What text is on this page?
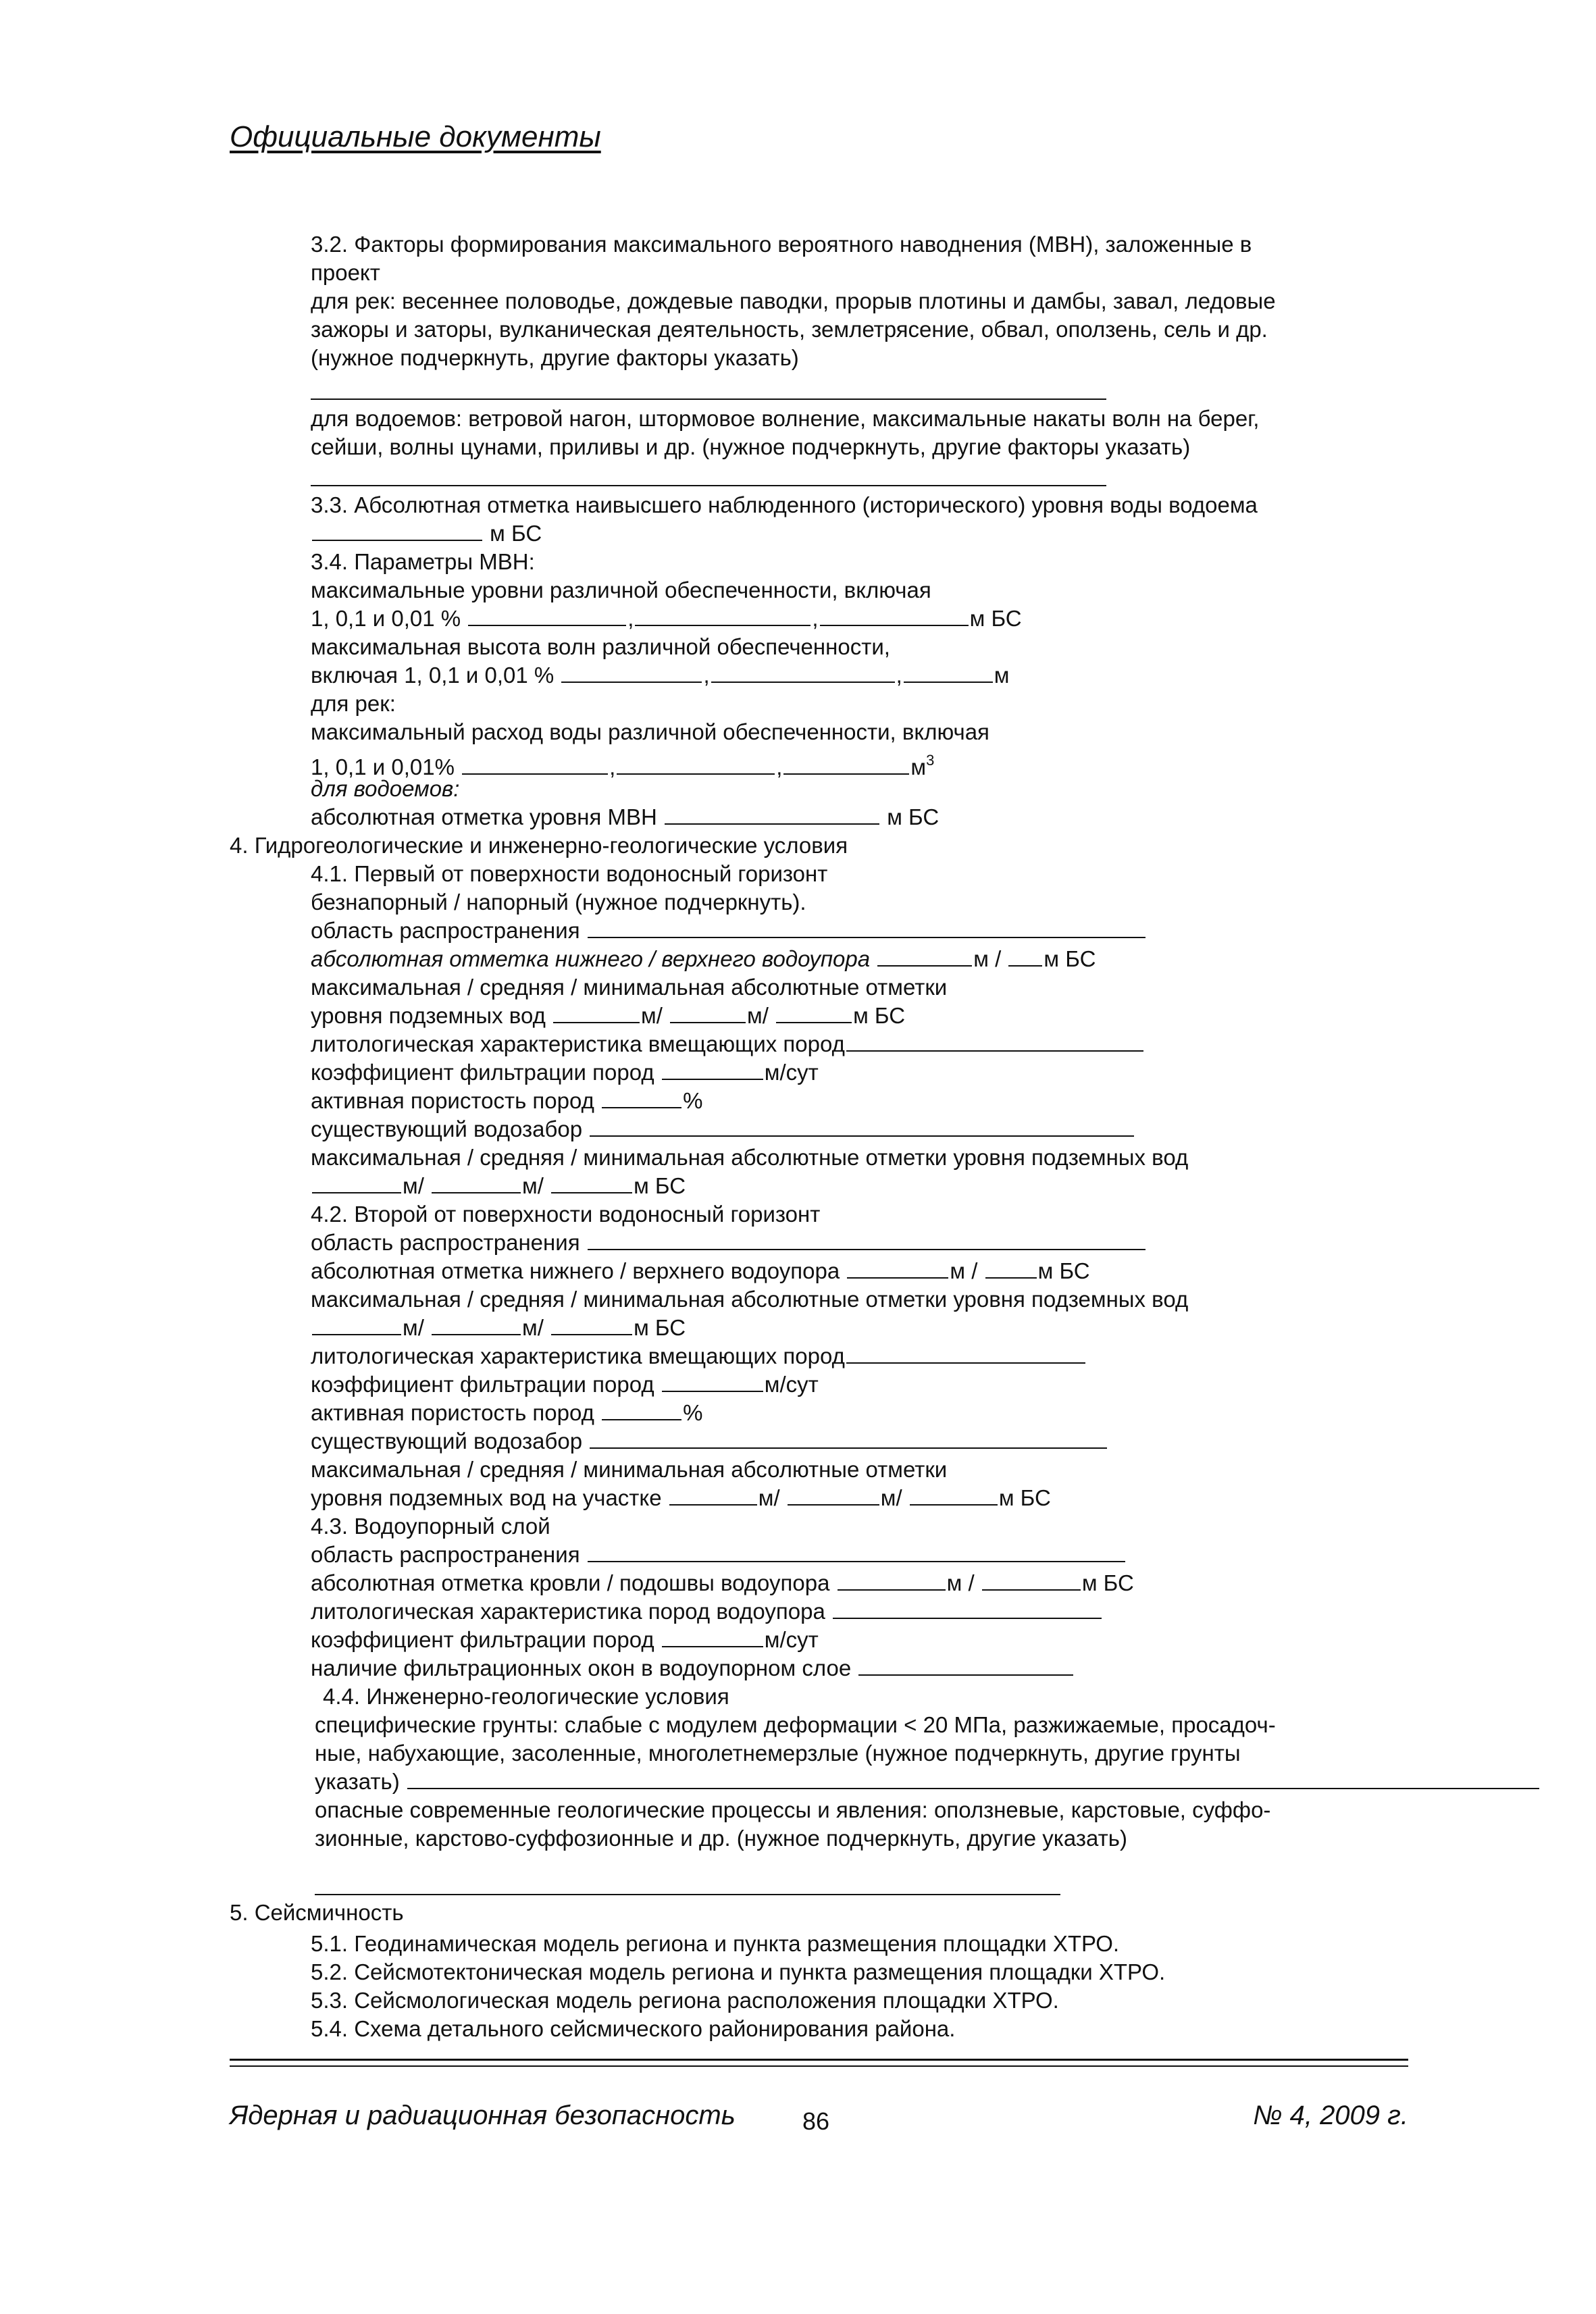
Официальные документы
3.2. Факторы формирования максимального вероятного наводнения (МВН), заложенные в
проект
для рек: весеннее половодье, дождевые паводки, прорыв плотины и дамбы, завал, ледовые
зажоры и заторы, вулканическая деятельность, землетрясение, обвал, оползень, сель и др.
(нужное подчеркнуть, другие факторы указать)
для водоемов: ветровой нагон, штормовое волнение, максимальные накаты волн на берег,
сейши, волны цунами, приливы и др. (нужное подчеркнуть, другие факторы указать)
3.3. Абсолютная отметка наивысшего наблюденного (исторического) уровня воды водоема
м БС
3.4. Параметры МВН:
максимальные уровни различной обеспеченности, включая
1, 0,1 и 0,01 %	,	,	м БС
максимальная высота волн различной обеспеченности,
включая 1, 0,1 и 0,01 %	,	,	м
для рек:
максимальный расход воды различной обеспеченности, включая
1, 0,1 и 0,01%	,	,	$м^3$
для водоемов:
абсолютная отметка уровня МВН	м БС
4. Гидрогеологические и инженерно-геологические условия
4.1. Первый от поверхности водоносный горизонт
безнапорный / напорный (нужное подчеркнуть).
область распространения
абсолютная отметка нижнего / верхнего водоупора	м / м БС
максимальная / средняя / минимальная абсолютные отметки
уровня подземных вод	м/	м/	м БС
литологическая характеристика вмещающих пород
коэффициент фильтрации пород	м/сут
активная пористость пород	%
существующий водозабор
максимальная / средняя / минимальная абсолютные отметки уровня подземных вод
м/	м/	м БС
4.2. Второй от поверхности водоносный горизонт
область распространения
абсолютная отметка нижнего / верхнего водоупора	м /	м БС
максимальная / средняя / минимальная абсолютные отметки уровня подземных вод
м/	м/	м БС
литологическая характеристика вмещающих пород
коэффициент фильтрации пород	м/сут
активная пористость пород	%
существующий водозабор
максимальная / средняя / минимальная абсолютные отметки
уровня подземных вод на участке	м/	м/	м БС
4.3. Водоупорный слой
область распространения
абсолютная отметка кровли / подошвы водоупора	м /	м БС
литологическая характеристика пород водоупора
коэффициент фильтрации пород	м/сут
наличие фильтрационных окон в водоупорном слое
4.4. Инженерно-геологические условия
специфические грунты: слабые с модулем деформации < 20 МПа, разжижаемые, просадоч-
ные, набухающие, засоленные, многолетнемерзлые (нужное подчеркнуть, другие грунты
указать)
опасные современные геологические процессы и явления: оползневые, карстовые, суффо-
зионные, карстово-суффозионные и др. (нужное подчеркнуть, другие указать)
5. Сейсмичность
5.1. Геодинамическая модель региона и пункта размещения площадки ХТРО.
5.2. Сейсмотектоническая модель региона и пункта размещения площадки ХТРО.
5.3. Сейсмологическая модель региона расположения площадки ХТРО.
5.4. Схема детального сейсмического районирования района.
Ядерная и радиационная безопасность	86	№ 4, 2009 г.
